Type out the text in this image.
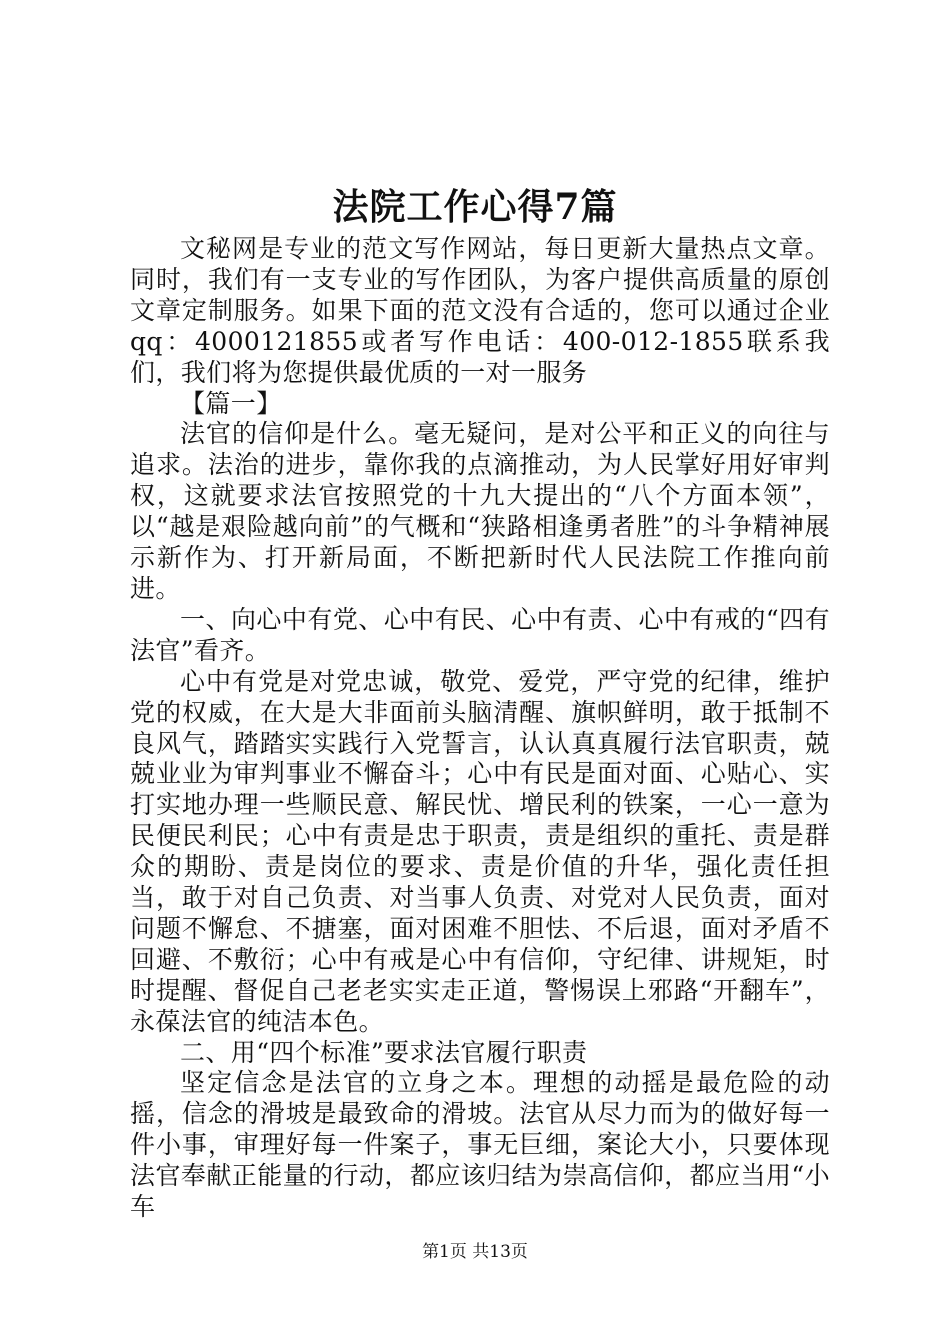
法院工作心得7篇

文秘网是专业的范文写作网站，每日更新大量热点文章。同时，我们有一支专业的写作团队，为客户提供高质量的原创文章定制服务。如果下面的范文没有合适的，您可以通过企业qq：4000121855或者写作电话：400-012-1855联系我们，我们将为您提供最优质的一对一服务

【篇一】

法官的信仰是什么。毫无疑问，是对公平和正义的向往与追求。法治的进步，靠你我的点滴推动，为人民掌好用好审判权，这就要求法官按照党的十九大提出的“八个方面本领”，以“越是艰险越向前”的气概和“狭路相逢勇者胜”的斗争精神展示新作为、打开新局面，不断把新时代人民法院工作推向前进。

一、向心中有党、心中有民、心中有责、心中有戒的“四有法官”看齐。

心中有党是对党忠诚，敬党、爱党，严守党的纪律，维护党的权威，在大是大非面前头脑清醒、旗帜鲜明，敢于抵制不良风气，踏踏实实践行入党誓言，认认真真履行法官职责，兢兢业业为审判事业不懈奋斗；心中有民是面对面、心贴心、实打实地办理一些顺民意、解民忧、增民利的铁案，一心一意为民便民利民；心中有责是忠于职责，责是组织的重托、责是群众的期盼、责是岗位的要求、责是价值的升华，强化责任担当，敢于对自己负责、对当事人负责、对党对人民负责，面对问题不懈怠、不搪塞，面对困难不胆怯、不后退，面对矛盾不回避、不敷衍；心中有戒是心中有信仰，守纪律、讲规矩，时时提醒、督促自己老老实实走正道，警惕误上邪路“开翻车”，永葆法官的纯洁本色。

二、用“四个标准”要求法官履行职责

坚定信念是法官的立身之本。理想的动摇是最危险的动摇，信念的滑坡是最致命的滑坡。法官从尽力而为的做好每一件小事，审理好每一件案子，事无巨细，案论大小，只要体现法官奉献正能量的行动，都应该归结为崇高信仰，都应当用“小车

第1页 共13页
